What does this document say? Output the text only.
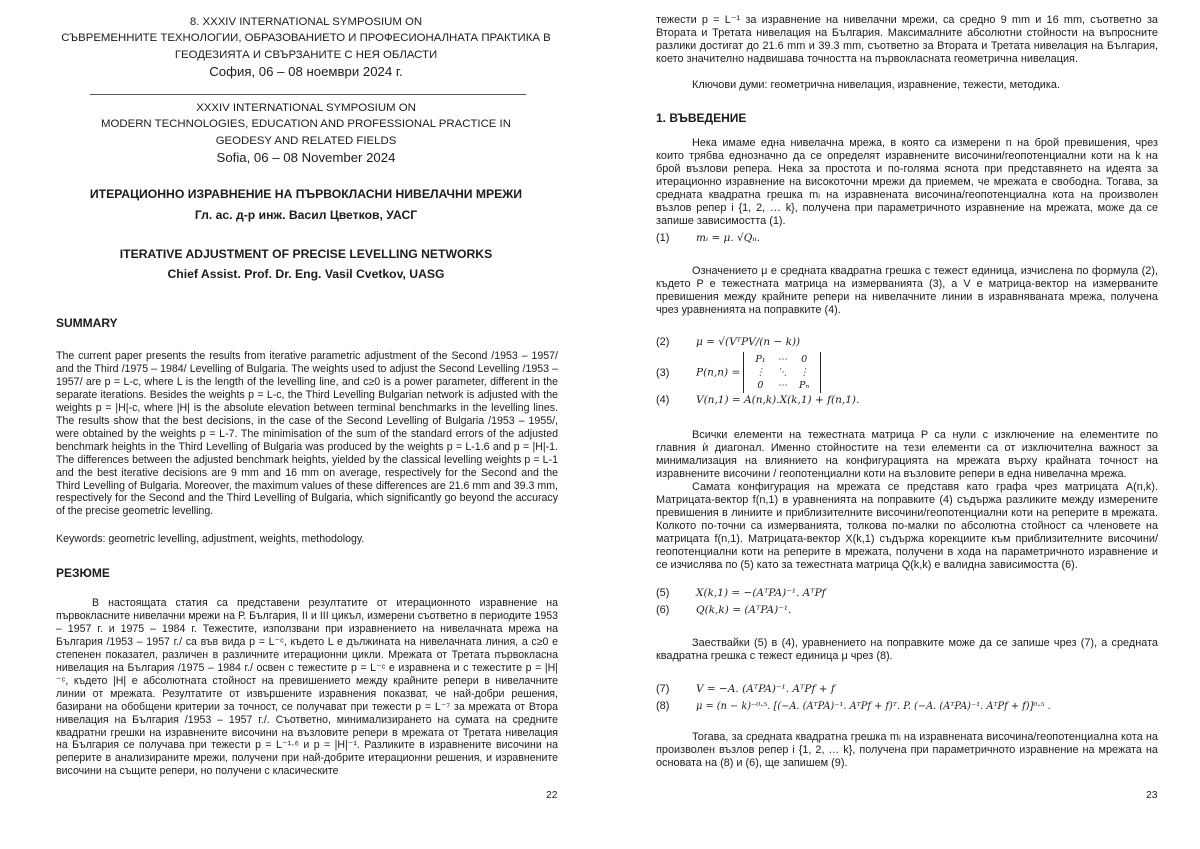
8. XXXIV INTERNATIONAL SYMPOSIUM ON
СЪВРЕМЕННИТЕ ТЕХНОЛОГИИ, ОБРАЗОВАНИЕТО И ПРОФЕСИОНАЛНАТА ПРАКТИКА В
ГЕОДЕЗИЯТА И СВЪРЗАНИТЕ С НЕЯ ОБЛАСТИ
София, 06 – 08 ноември 2024 г.
XXXIV INTERNATIONAL SYMPOSIUM ON
MODERN TECHNOLOGIES, EDUCATION AND PROFESSIONAL PRACTICE IN
GEODESY AND RELATED FIELDS
Sofia, 06 – 08 November 2024
ИТЕРАЦИОННО ИЗРАВНЕНИЕ НА ПЪРВОКЛАСНИ НИВЕЛАЧНИ МРЕЖИ
Гл. ас. д-р инж. Васил Цветков, УАСГ
ITERATIVE ADJUSTMENT OF PRECISE LEVELLING NETWORKS
Chief Assist. Prof. Dr. Eng. Vasil Cvetkov, UASG
SUMMARY
The current paper presents the results from iterative parametric adjustment of the Second /1953 – 1957/ and the Third /1975 – 1984/ Levelling of Bulgaria. The weights used to adjust the Second Levelling /1953 – 1957/ are p = L-c, where L is the length of the levelling line, and c≥0 is a power parameter, different in the separate iterations. Besides the weights p = L-c, the Third Levelling Bulgarian network is adjusted with the weights p = |H|-c, where |H| is the absolute elevation between terminal benchmarks in the levelling lines. The results show that the best decisions, in the case of the Second Levelling of Bulgaria /1953 – 1955/, were obtained by the weights p = L-7. The minimisation of the sum of the standard errors of the adjusted benchmark heights in the Third Levelling of Bulgaria was produced by the weights p = L-1.6 and p = |H|-1. The differences between the adjusted benchmark heights, yielded by the classical levelling weights p = L-1 and the best iterative decisions are 9 mm and 16 mm on average, respectively for the Second and the Third Levelling of Bulgaria. Moreover, the maximum values of these differences are 21.6 mm and 39.3 mm, respectively for the Second and the Third Levelling of Bulgaria, which significantly go beyond the accuracy of the precise geometric levelling.
Keywords: geometric levelling, adjustment, weights, methodology.
РЕЗЮМЕ
В настоящата статия са представени резултатите от итерационното изравнение на първокласните нивелачни мрежи на Р. България, II и III цикъл, измерени съответно в периодите 1953 – 1957 г. и 1975 – 1984 г. Тежестите, използвани при изравнението на нивелачната мрежа на България /1953 – 1957 г./ са във вида p = L⁻ᶜ, където L е дължината на нивелачната линия, а c≥0 е степенен показател, различен в различните итерационни цикли. Мрежата от Третата първокласна нивелация на България /1975 – 1984 г./ освен с тежестите p = L⁻ᶜ е изравнена и с тежестите p = |H|⁻ᶜ, където |H| е абсолютната стойност на превишението между крайните репери в нивелачните линии от мрежата. Резултатите от извършените изравнения показват, че най-добри решения, базирани на обобщени критерии за точност, се получават при тежести p = L⁻⁷ за мрежата от Втора нивелация на България /1953 – 1957 г./. Съответно, минимализирането на сумата на средните квадратни грешки на изравнените височини на възловите репери в мрежата от Третата нивелация на България се получава при тежести p = L⁻¹·⁶ и p = |H|⁻¹. Разликите в изравнените височини на реперите в анализираните мрежи, получени при най-добрите итерационни решения, и изравнените височини на същите репери, но получени с класическите
22
тежести p = L⁻¹ за изравнение на нивелачни мрежи, са средно 9 mm и 16 mm, съответно за Втората и Третата нивелация на България. Максималните абсолютни стойности на въпросните разлики достигат до 21.6 mm и 39.3 mm, съответно за Втората и Третата нивелация на България, което значително надвишава точността на първокласната геометрична нивелация.
Ключови думи: геометрична нивелация, изравнение, тежести, методика.
1. ВЪВЕДЕНИЕ
Нека имаме една нивелачна мрежа, в която са измерени n на брой превишения, чрез които трябва еднозначно да се определят изравнените височини/геопотенциални коти на k на брой възлови репера. Нека за простота и по-голяма яснота при представянето на идеята за итерационно изравнение на високоточни мрежи да приемем, че мрежата е свободна. Тогава, за средната квадратна грешка mᵢ на изравнената височина/геопотенциална кота на произволен възлов репер i {1, 2, … k}, получена при параметричното изравнение на мрежата, може да се запише зависимостта (1).
(1)	mᵢ = μ. √Qᵢᵢ.
Означението μ е средната квадратна грешка с тежест единица, изчислена по формула (2), където P е тежестната матрица на измерванията (3), а V е матрица-вектор на измерваните превишения между крайните репери на нивелачните линии в изравняваната мрежа, получена чрез уравненията на поправките (4).
(2)	μ = √(VᵀPV/(n − k))
(3)	P(n,n) = P₁	⋯	0
⋮	⋱	⋮
0	⋯	Pₙ
(4)	V(n,1) = A(n,k).X(k,1) + f(n,1).
Всички елементи на тежестната матрица P са нули с изключение на елементите по главния ѝ диагонал. Именно стойностите на тези елементи са от изключителна важност за минимализация на влиянието на конфигурацията на мрежата върху крайната точност на изравнените височини / геопотенциални коти на възловите репери в една нивелачна мрежа.
Самата конфигурация на мрежата се представя като графа чрез матрицата A(n,k). Матрицата-вектор f(n,1) в уравненията на поправките (4) съдържа разликите между измерените превишения в линиите и приблизителните височини/геопотенциални коти на реперите в мрежата. Колкото по-точни са измерванията, толкова по-малки по абсолютна стойност са членовете на матрицата f(n,1). Матрицата-вектор X(k,1) съдържа корекциите към приблизителните височини/геопотенциални коти на реперите в мрежата, получени в хода на параметричното изравнение и се изчислява по (5) като за тежестната матрица Q(k,k) е валидна зависимостта (6).
(5)	X(k,1) = −(AᵀPA)⁻¹. AᵀPf
(6)	Q(k,k) = (AᵀPA)⁻¹.
Заествайки (5) в (4), уравнението на поправките може да се запише чрез (7), а средната квадратна грешка с тежест единица μ чрез (8).
(7)	V = −A. (AᵀPA)⁻¹. AᵀPf + f
(8)	μ = (n − k)⁻⁰·⁵. [(−A. (AᵀPA)⁻¹. AᵀPf + f)ᵀ. P. (−A. (AᵀPA)⁻¹. AᵀPf + f)]⁰·⁵ .
Тогава, за средната квадратна грешка mᵢ на изравнената височина/геопотенциална кота на произволен възлов репер i {1, 2, … k}, получена при параметричното изравнение на мрежата на основата на (8) и (6), ще запишем (9).
23
